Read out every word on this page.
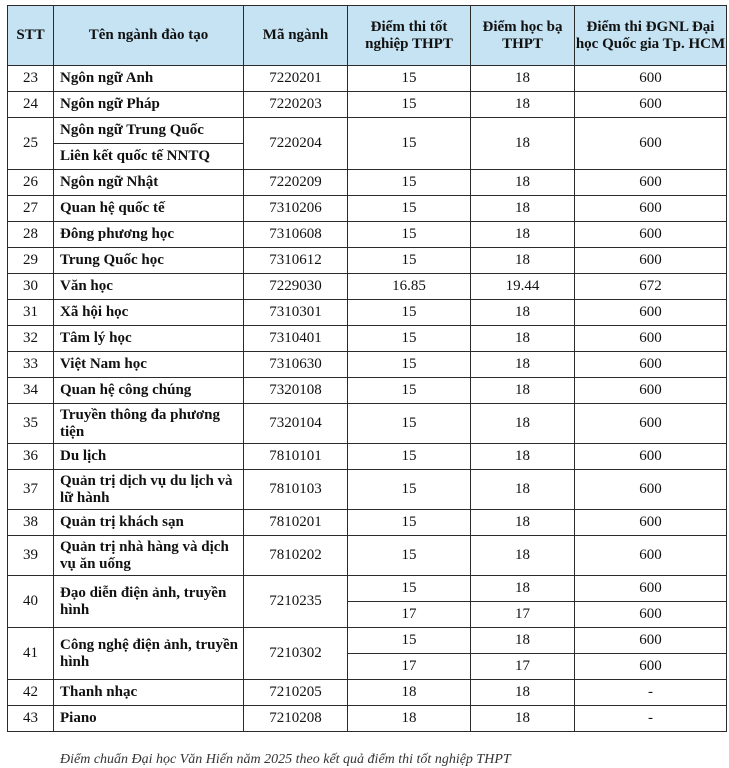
STT	Tên ngành đào tạo	Mã ngành	Điểm thi tốt nghiệp THPT	Điểm học bạ THPT	Điểm thi ĐGNL Đại học Quốc gia Tp. HCM
23	Ngôn ngữ Anh	7220201	15	18	600
24	Ngôn ngữ Pháp	7220203	15	18	600
25	Ngôn ngữ Trung Quốc	7220204	15	18	600
	Liên kết quốc tế NNTQ				
26	Ngôn ngữ Nhật	7220209	15	18	600
27	Quan hệ quốc tế	7310206	15	18	600
28	Đông phương học	7310608	15	18	600
29	Trung Quốc học	7310612	15	18	600
30	Văn học	7229030	16.85	19.44	672
31	Xã hội học	7310301	15	18	600
32	Tâm lý học	7310401	15	18	600
33	Việt Nam học	7310630	15	18	600
34	Quan hệ công chúng	7320108	15	18	600
35	Truyền thông đa phương tiện	7320104	15	18	600
36	Du lịch	7810101	15	18	600
37	Quản trị dịch vụ du lịch và lữ hành	7810103	15	18	600
38	Quản trị khách sạn	7810201	15	18	600
39	Quản trị nhà hàng và dịch vụ ăn uống	7810202	15	18	600
40	Đạo diễn điện ảnh, truyền hình	7210235	15	18	600
			17	17	600
41	Công nghệ điện ảnh, truyền hình	7210302	15	18	600
			17	17	600
42	Thanh nhạc	7210205	18	18	-
43	Piano	7210208	18	18	-
Điểm chuẩn Đại học Văn Hiến năm 2025 theo kết quả điểm thi tốt nghiệp THPT
